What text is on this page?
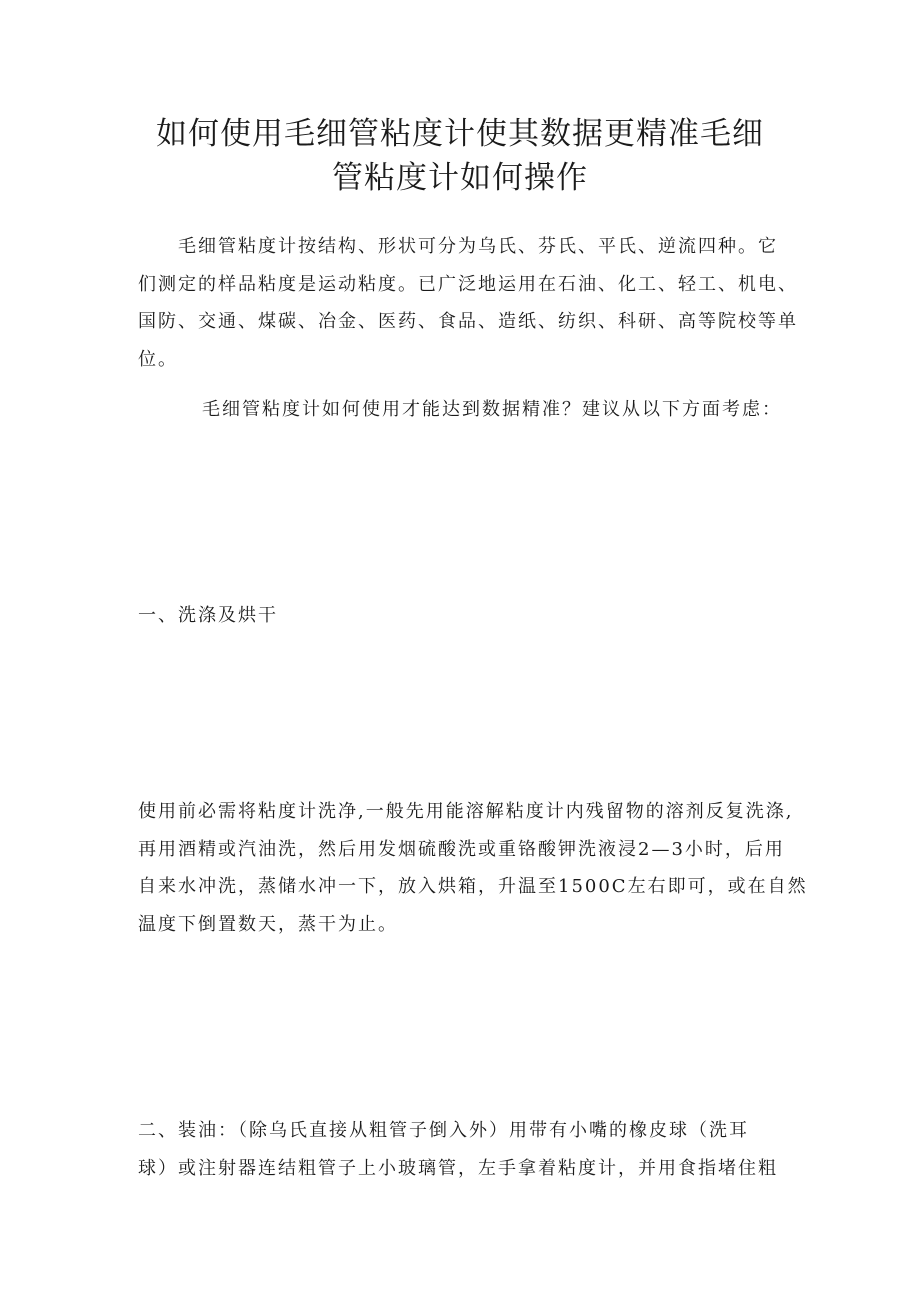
如何使用毛细管粘度计使其数据更精准毛细
管粘度计如何操作
毛细管粘度计按结构、形状可分为乌氏、芬氏、平氏、逆流四种。它
们测定的样品粘度是运动粘度。已广泛地运用在石油、化工、轻工、机电、
国防、交通、煤碳、冶金、医药、食品、造纸、纺织、科研、高等院校等单
位。

毛细管粘度计如何使用才能达到数据精准？建议从以下方面考虑：

一、洗涤及烘干

使用前必需将粘度计洗净,一般先用能溶解粘度计内残留物的溶剂反复洗涤,
再用酒精或汽油洗，然后用发烟硫酸洗或重铬酸钾洗液浸2—3小时，后用
自来水冲洗，蒸储水冲一下，放入烘箱，升温至1500C左右即可，或在自然
温度下倒置数天，蒸干为止。
二、装油：（除乌氏直接从粗管子倒入外）用带有小嘴的橡皮球（洗耳
球）或注射器连结粗管子上小玻璃管，左手拿着粘度计，并用食指堵住粗
